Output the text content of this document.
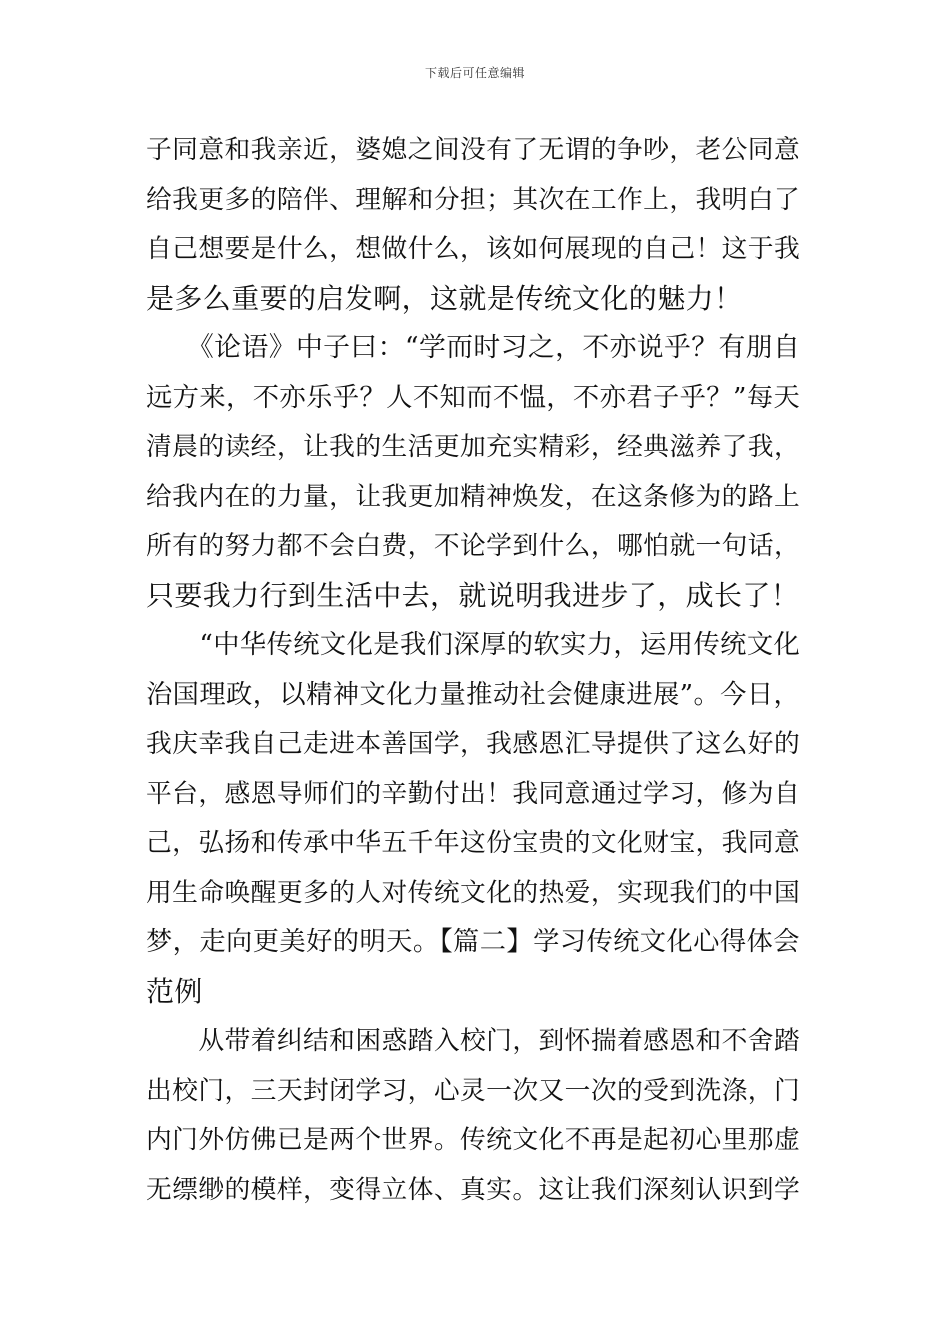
下载后可任意编辑
子同意和我亲近，婆媳之间没有了无谓的争吵，老公同意
给我更多的陪伴、理解和分担；其次在工作上，我明白了
自己想要是什么，想做什么，该如何展现的自己！这于我
是多么重要的启发啊，这就是传统文化的魅力！
　　《论语》中子曰：“学而时习之，不亦说乎？有朋自
远方来，不亦乐乎？人不知而不愠，不亦君子乎？”每天
清晨的读经，让我的生活更加充实精彩，经典滋养了我，
给我内在的力量，让我更加精神焕发，在这条修为的路上
所有的努力都不会白费，不论学到什么，哪怕就一句话，
只要我力行到生活中去，就说明我进步了，成长了！
　　“中华传统文化是我们深厚的软实力，运用传统文化
治国理政，以精神文化力量推动社会健康进展”。今日，
我庆幸我自己走进本善国学，我感恩汇导提供了这么好的
平台，感恩导师们的辛勤付出！我同意通过学习，修为自
己，弘扬和传承中华五千年这份宝贵的文化财宝，我同意
用生命唤醒更多的人对传统文化的热爱，实现我们的中国
梦，走向更美好的明天。【篇二】学习传统文化心得体会
范例
　　从带着纠结和困惑踏入校门，到怀揣着感恩和不舍踏
出校门，三天封闭学习，心灵一次又一次的受到洗涤，门
内门外仿佛已是两个世界。传统文化不再是起初心里那虚
无缥缈的模样，变得立体、真实。这让我们深刻认识到学
